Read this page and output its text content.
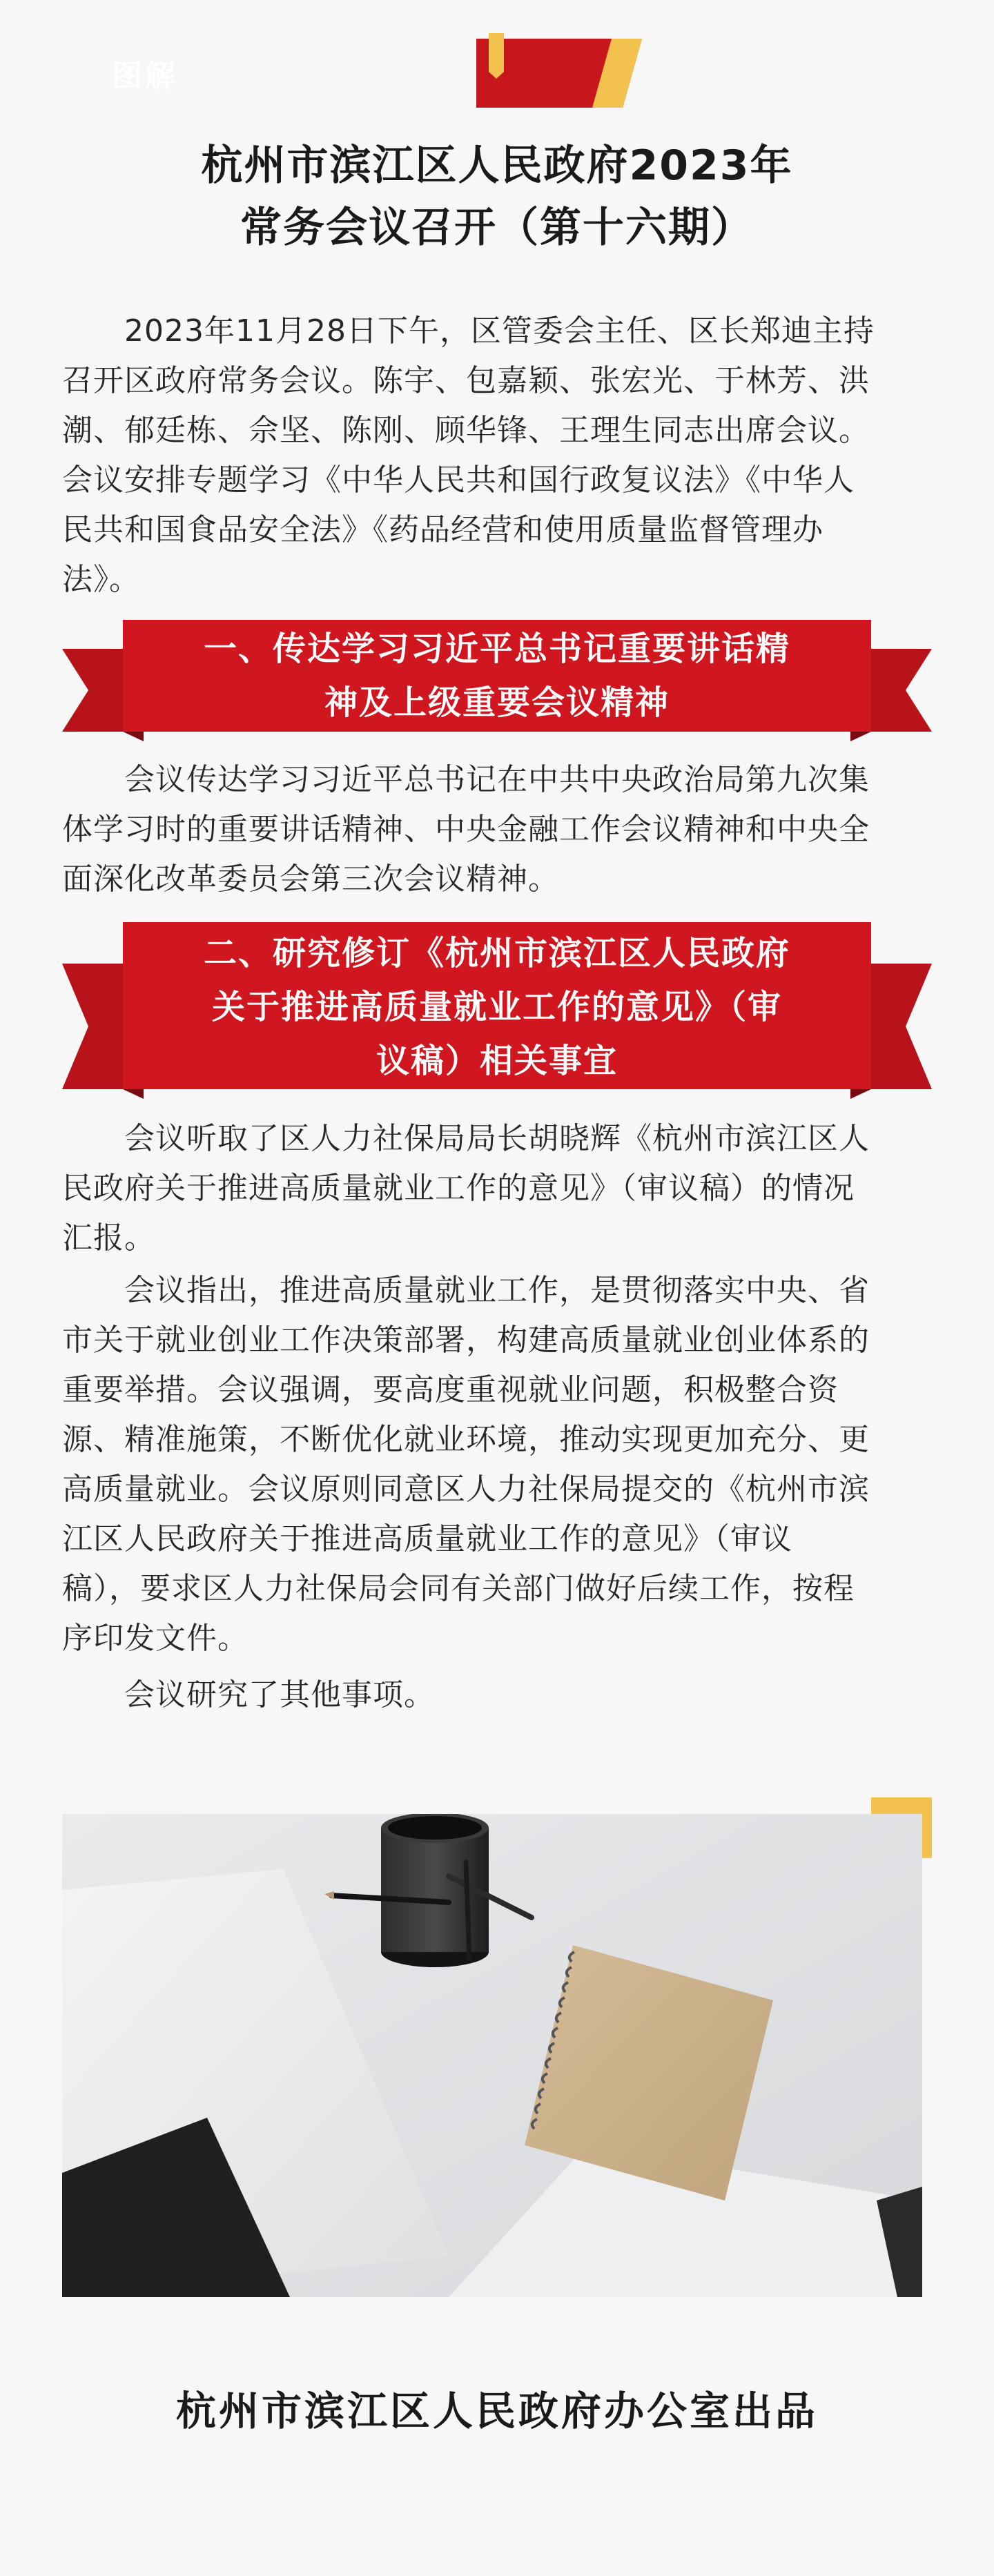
图解
杭州市滨江区人民政府2023年
常务会议召开（第十六期）
2023年11月28日下午，区管委会主任、区长郑迪主持
召开区政府常务会议。陈宇、包嘉颖、张宏光、于林芳、洪
潮、郁廷栋、佘坚、陈刚、顾华锋、王理生同志出席会议。
会议安排专题学习《中华人民共和国行政复议法》《中华人
民共和国食品安全法》《药品经营和使用质量监督管理办
法》。
一、传达学习习近平总书记重要讲话精
神及上级重要会议精神
会议传达学习习近平总书记在中共中央政治局第九次集
体学习时的重要讲话精神、中央金融工作会议精神和中央全
面深化改革委员会第三次会议精神。
二、研究修订《杭州市滨江区人民政府
关于推进高质量就业工作的意见》（审
议稿）相关事宜
会议听取了区人力社保局局长胡晓辉《杭州市滨江区人
民政府关于推进高质量就业工作的意见》（审议稿）的情况
汇报。
会议指出，推进高质量就业工作，是贯彻落实中央、省
市关于就业创业工作决策部署，构建高质量就业创业体系的
重要举措。会议强调，要高度重视就业问题，积极整合资
源、精准施策，不断优化就业环境，推动实现更加充分、更
高质量就业。会议原则同意区人力社保局提交的《杭州市滨
江区人民政府关于推进高质量就业工作的意见》（审议
稿），要求区人力社保局会同有关部门做好后续工作，按程
序印发文件。
会议研究了其他事项。
杭州市滨江区人民政府办公室出品
